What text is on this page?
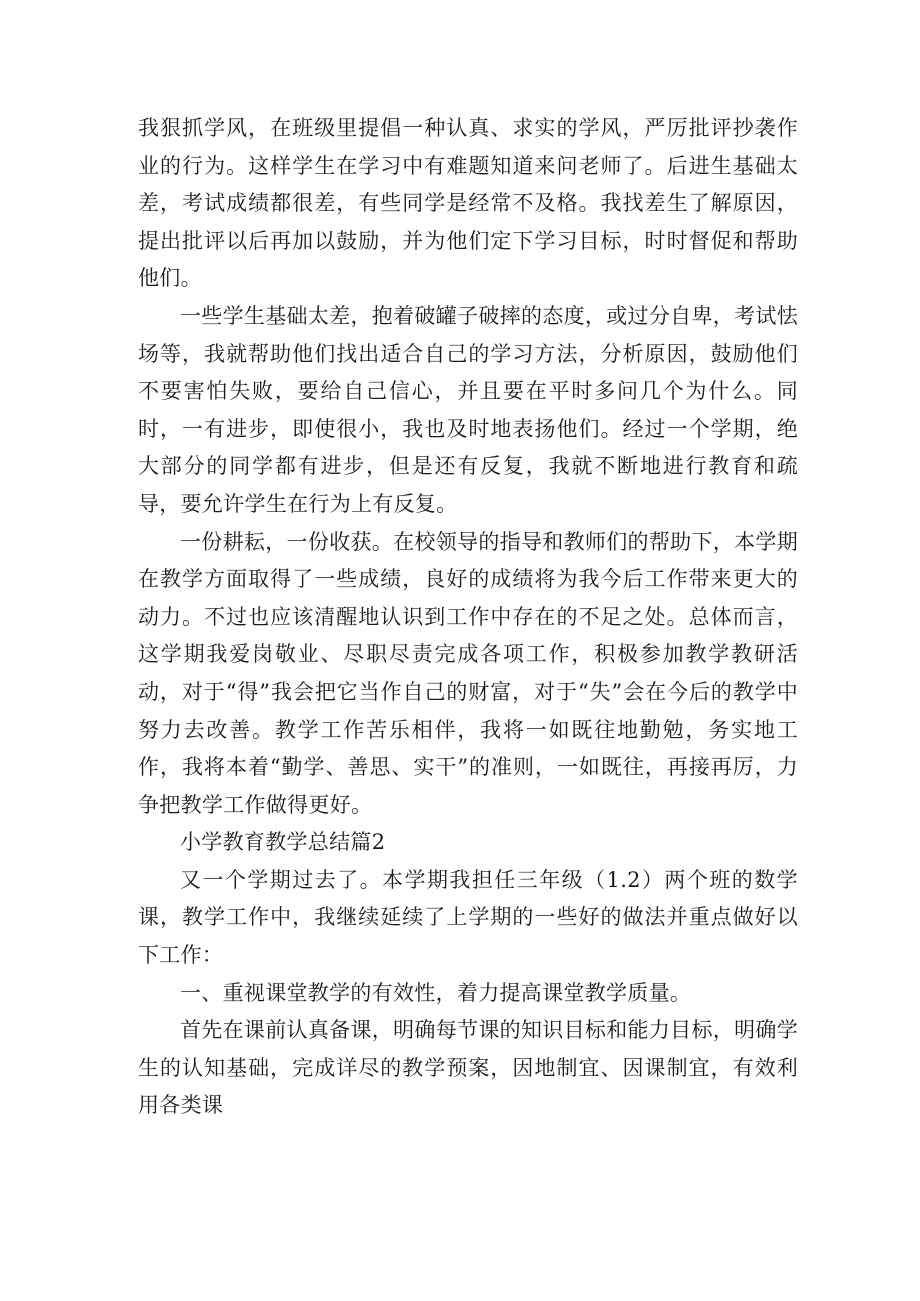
我狠抓学风，在班级里提倡一种认真、求实的学风，严厉批评抄袭作业的行为。这样学生在学习中有难题知道来问老师了。后进生基础太差，考试成绩都很差，有些同学是经常不及格。我找差生了解原因，提出批评以后再加以鼓励，并为他们定下学习目标，时时督促和帮助他们。

一些学生基础太差，抱着破罐子破摔的态度，或过分自卑，考试怯场等，我就帮助他们找出适合自己的学习方法，分析原因，鼓励他们不要害怕失败，要给自己信心，并且要在平时多问几个为什么。同时，一有进步，即使很小，我也及时地表扬他们。经过一个学期，绝大部分的同学都有进步，但是还有反复，我就不断地进行教育和疏导，要允许学生在行为上有反复。

一份耕耘，一份收获。在校领导的指导和教师们的帮助下，本学期在教学方面取得了一些成绩，良好的成绩将为我今后工作带来更大的动力。不过也应该清醒地认识到工作中存在的不足之处。总体而言，这学期我爱岗敬业、尽职尽责完成各项工作，积极参加教学教研活动，对于“得”我会把它当作自己的财富，对于“失”会在今后的教学中努力去改善。教学工作苦乐相伴，我将一如既往地勤勉，务实地工作，我将本着“勤学、善思、实干”的准则，一如既往，再接再厉，力争把教学工作做得更好。

小学教育教学总结篇2

又一个学期过去了。本学期我担任三年级（1.2）两个班的数学课，教学工作中，我继续延续了上学期的一些好的做法并重点做好以下工作：

一、重视课堂教学的有效性，着力提高课堂教学质量。

首先在课前认真备课，明确每节课的知识目标和能力目标，明确学生的认知基础，完成详尽的教学预案，因地制宜、因课制宜，有效利用各类课
